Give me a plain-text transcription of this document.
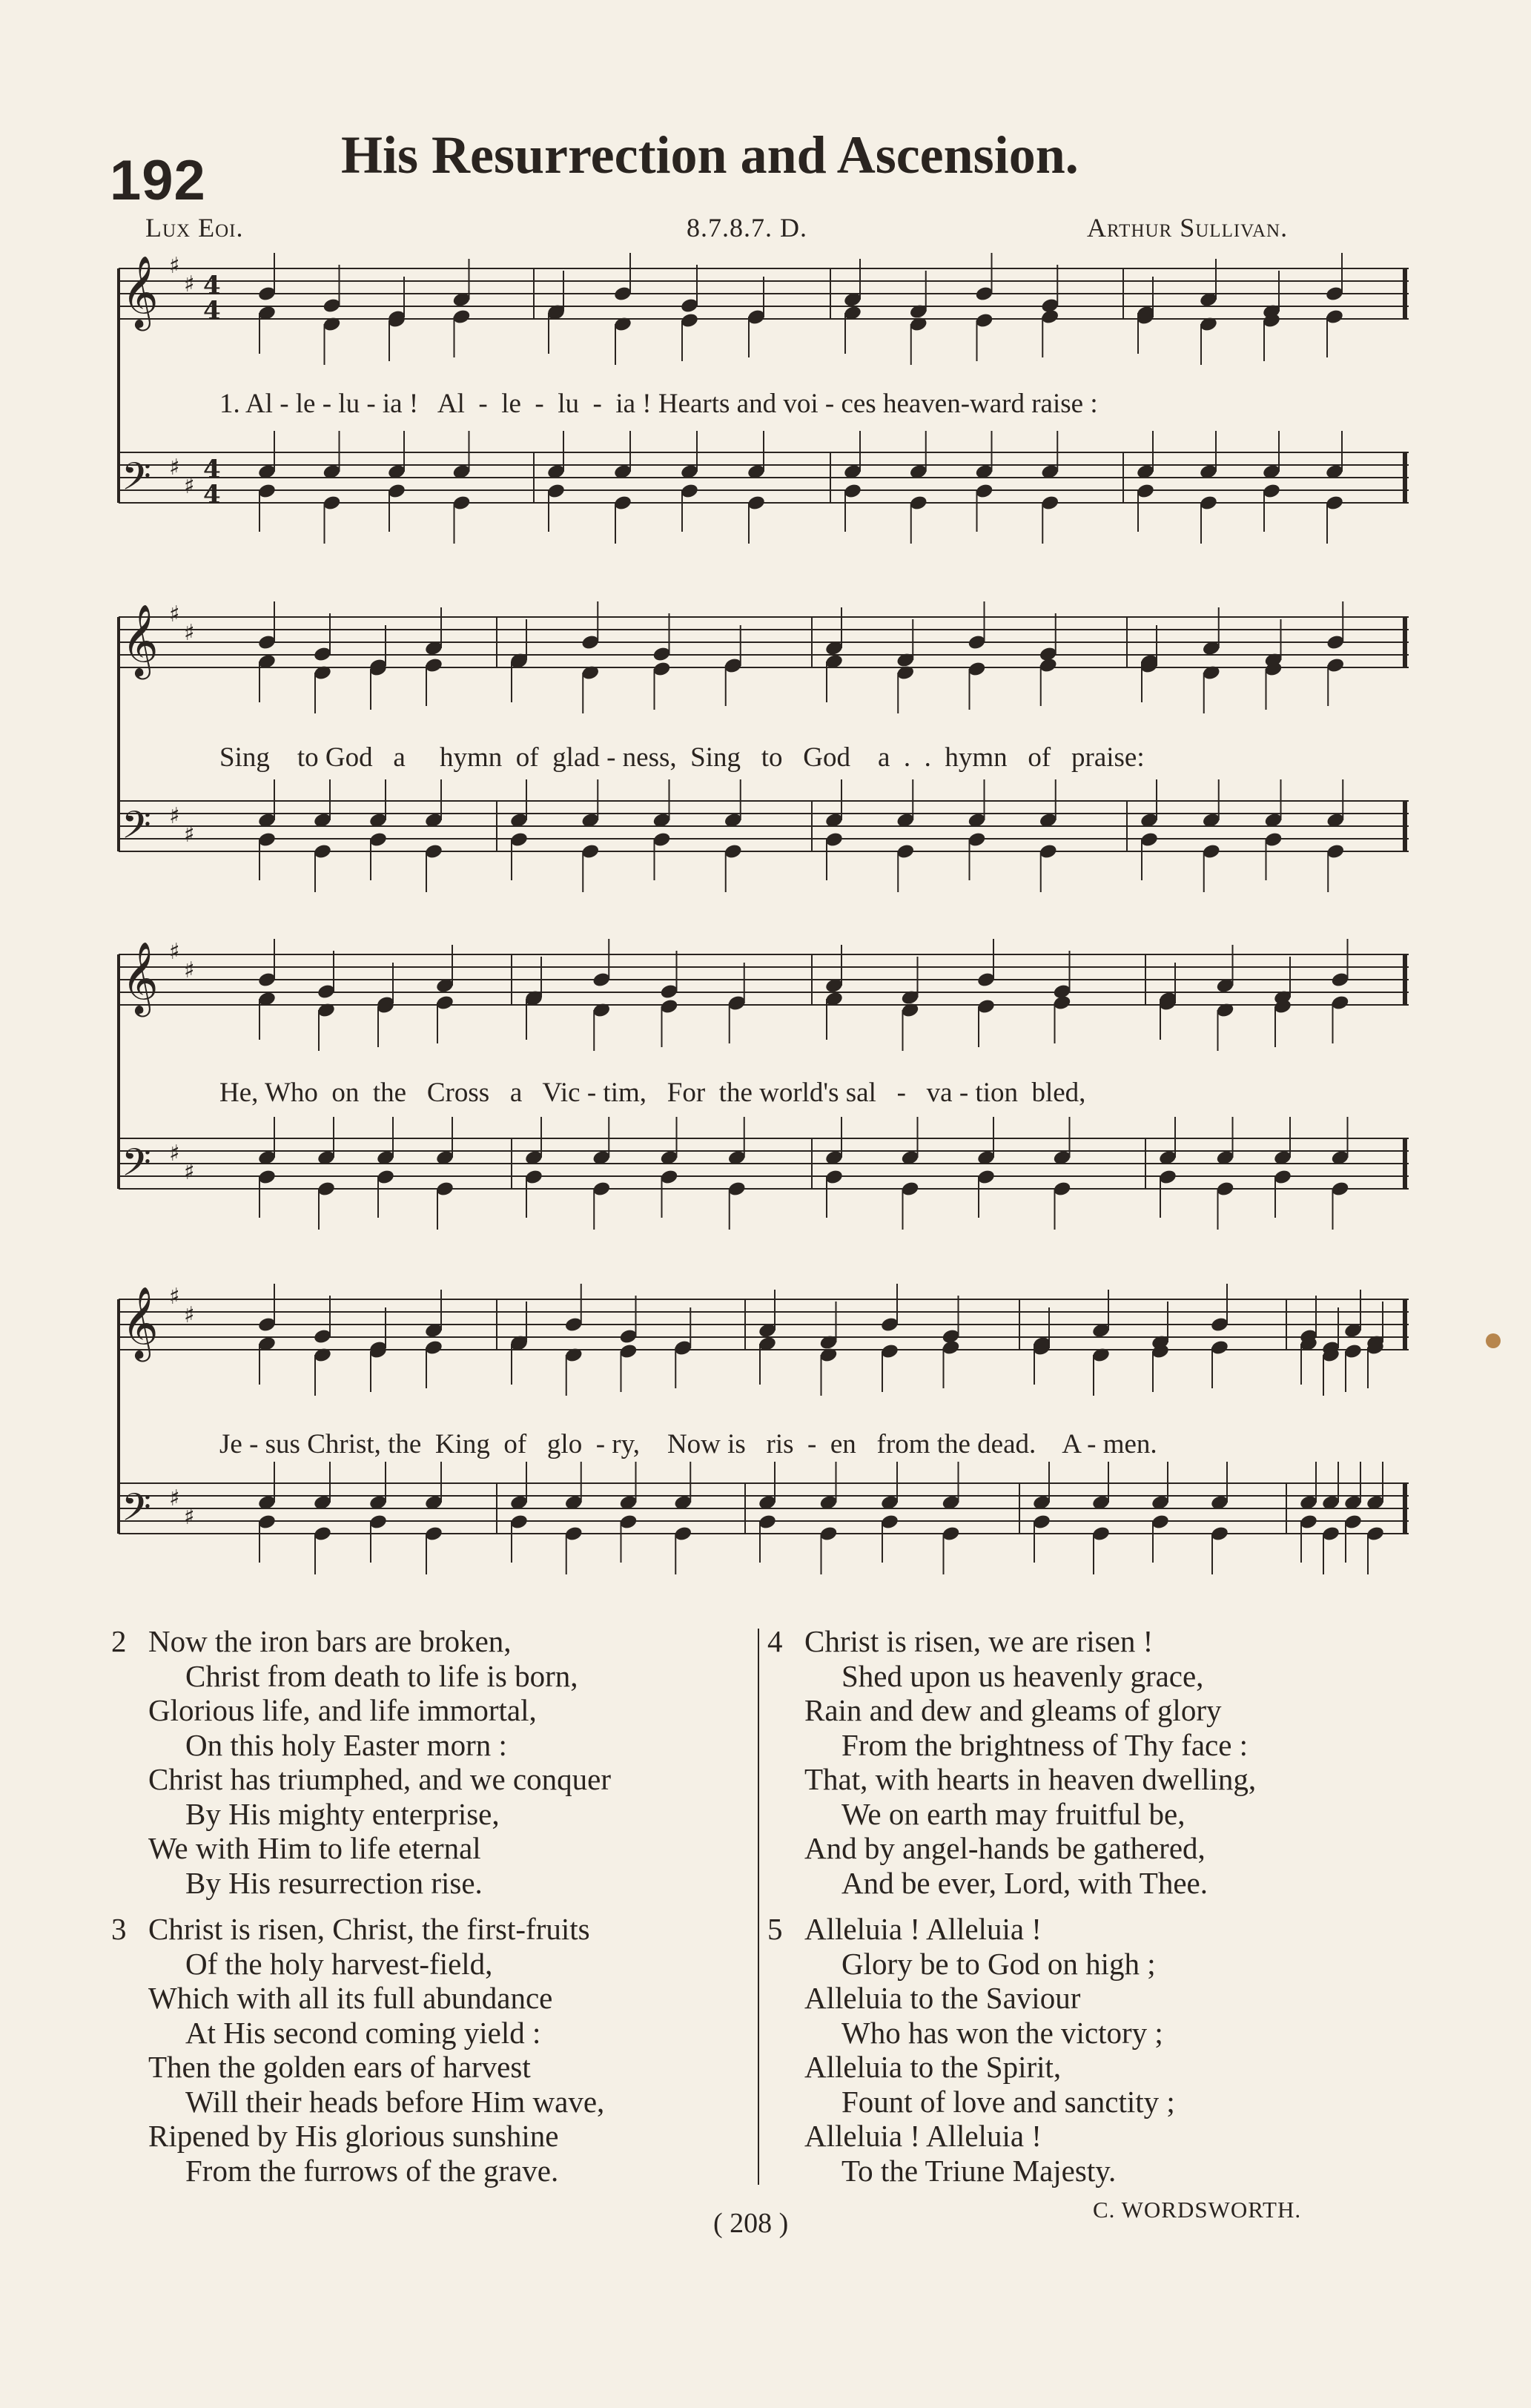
192	His Resurrection and Ascension.
Lux Eoi.	8.7.8.7. D.	Arthur Sullivan.
𝄞 ♯
♯ 4
4
𝄢 ♯
♯
4
4
𝄞 ♯
♯
𝄢 ♯
♯
𝄞 ♯
♯
𝄢 ♯
♯
𝄞 ♯
♯
𝄢 ♯
♯
1. Al - le - lu - ia !   Al  -  le  -  lu  -  ia ! Hearts and voi - ces heaven-ward raise :
Sing    to God   a     hymn  of  glad - ness,  Sing   to   God    a  .  .  hymn   of   praise:
He, Who  on  the   Cross   a   Vic - tim,   For  the world's sal   -   va - tion  bled,
Je - sus Christ, the  King  of   glo  - ry,    Now is   ris  -  en   from the dead.    A - men.
2 Now the iron bars are broken,
Christ from death to life is born,
Glorious life, and life immortal,
On this holy Easter morn :
Christ has triumphed, and we conquer
By His mighty enterprise,
We with Him to life eternal
By His resurrection rise.
3 Christ is risen, Christ, the first-fruits
Of the holy harvest-field,
Which with all its full abundance
At His second coming yield :
Then the golden ears of harvest
Will their heads before Him wave,
Ripened by His glorious sunshine
From the furrows of the grave.
4 Christ is risen, we are risen !
Shed upon us heavenly grace,
Rain and dew and gleams of glory
From the brightness of Thy face :
That, with hearts in heaven dwelling,
We on earth may fruitful be,
And by angel-hands be gathered,
And be ever, Lord, with Thee.
5 Alleluia ! Alleluia !
Glory be to God on high ;
Alleluia to the Saviour
Who has won the victory ;
Alleluia to the Spirit,
Fount of love and sanctity ;
Alleluia ! Alleluia !
To the Triune Majesty.
( 208 )	C. WORDSWORTH.
